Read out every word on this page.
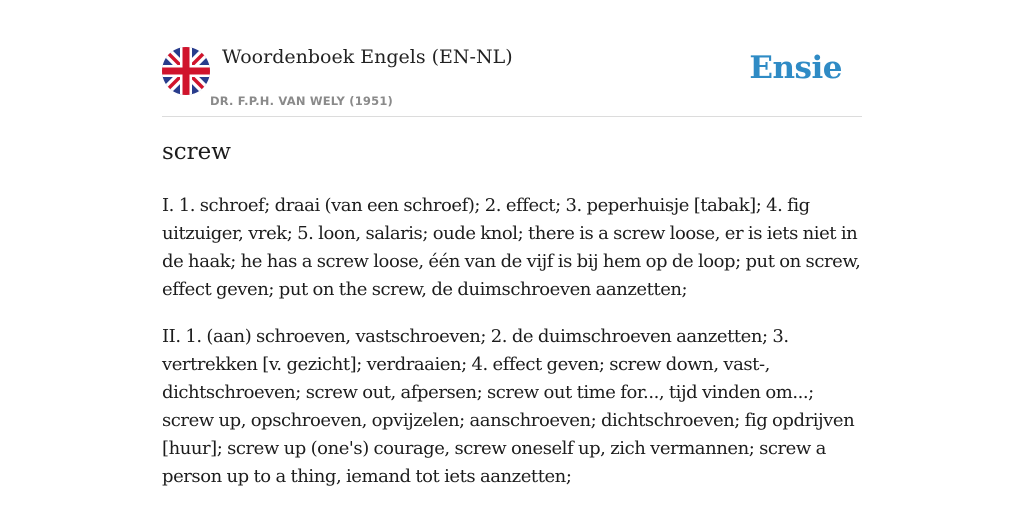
Woordenboek Engels (EN-NL)
DR. F.P.H. VAN WELY (1951)
Ensie
screw

I. 1. schroef; draai (van een schroef); 2. effect; 3. peperhuisje [tabak]; 4. fig uitzuiger, vrek; 5. loon, salaris; oude knol; there is a screw loose, er is iets niet in de haak; he has a screw loose, één van de vijf is bij hem op de loop; put on screw, effect geven; put on the screw, de duimschroeven aanzetten;

II. 1. (aan) schroeven, vastschroeven; 2. de duimschroeven aanzetten; 3. vertrekken [v. gezicht]; verdraaien; 4. effect geven; screw down, vast-, dichtschroeven; screw out, afpersen; screw out time for..., tijd vinden om...; screw up, opschroeven, opvijzelen; aanschroeven; dichtschroeven; fig opdrijven [huur]; screw up (one's) courage, screw oneself up, zich vermannen; screw a person up to a thing, iemand tot iets aanzetten;
